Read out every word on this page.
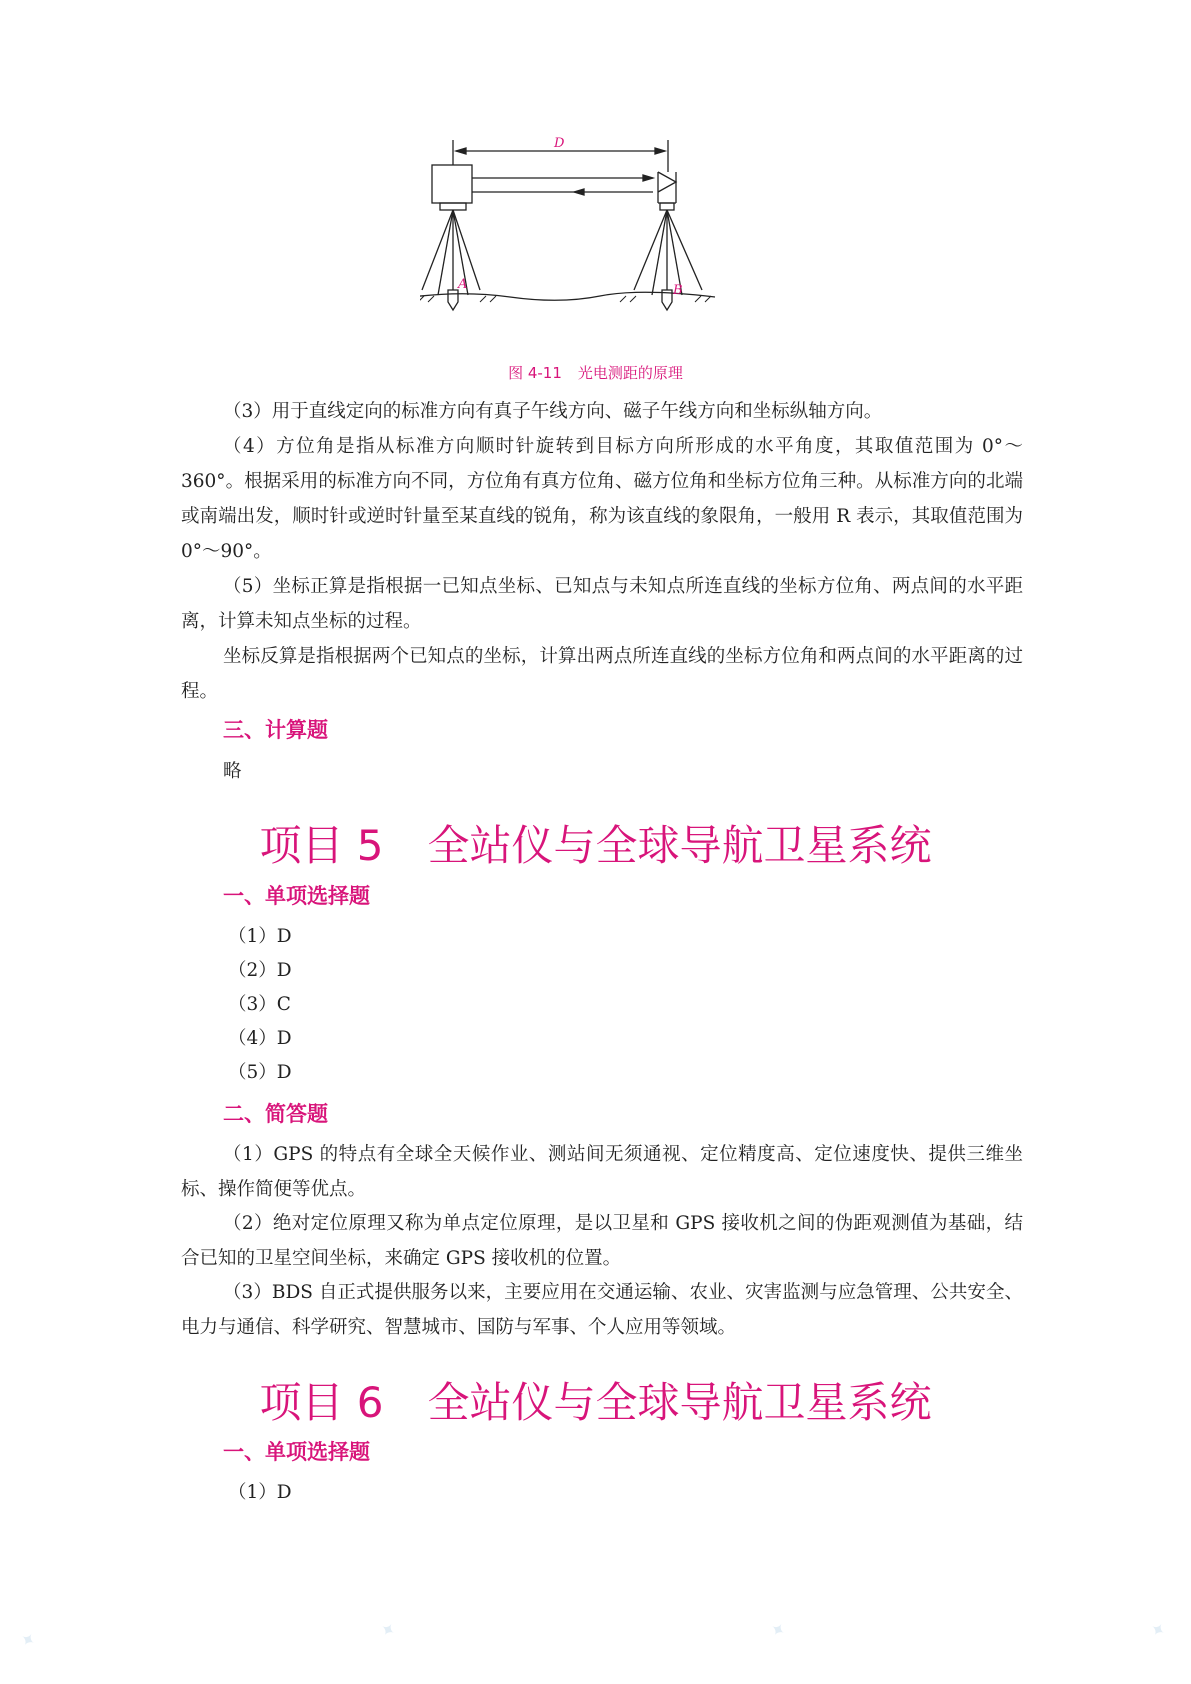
D
A	B
图 4-11 光电测距的原理

（3）用于直线定向的标准方向有真子午线方向、磁子午线方向和坐标纵轴方向。

（4）方位角是指从标准方向顺时针旋转到目标方向所形成的水平角度，其取值范围为 0°～360°。根据采用的标准方向不同，方位角有真方位角、磁方位角和坐标方位角三种。从标准方向的北端或南端出发，顺时针或逆时针量至某直线的锐角，称为该直线的象限角，一般用 R 表示，其取值范围为 0°～90°。

（5）坐标正算是指根据一已知点坐标、已知点与未知点所连直线的坐标方位角、两点间的水平距离，计算未知点坐标的过程。

坐标反算是指根据两个已知点的坐标，计算出两点所连直线的坐标方位角和两点间的水平距离的过程。

三、计算题

略

项目 5 全站仪与全球导航卫星系统
一、单项选择题

（1）D

（2）D

（3）C

（4）D

（5）D

二、简答题

（1）GPS 的特点有全球全天候作业、测站间无须通视、定位精度高、定位速度快、提供三维坐标、操作简便等优点。

（2）绝对定位原理又称为单点定位原理，是以卫星和 GPS 接收机之间的伪距观测值为基础，结合已知的卫星空间坐标，来确定 GPS 接收机的位置。

（3）BDS 自正式提供服务以来，主要应用在交通运输、农业、灾害监测与应急管理、公共安全、电力与通信、科学研究、智慧城市、国防与军事、个人应用等领域。

项目 6 全站仪与全球导航卫星系统
一、单项选择题

（1）D

✦	✦	✦	✦
